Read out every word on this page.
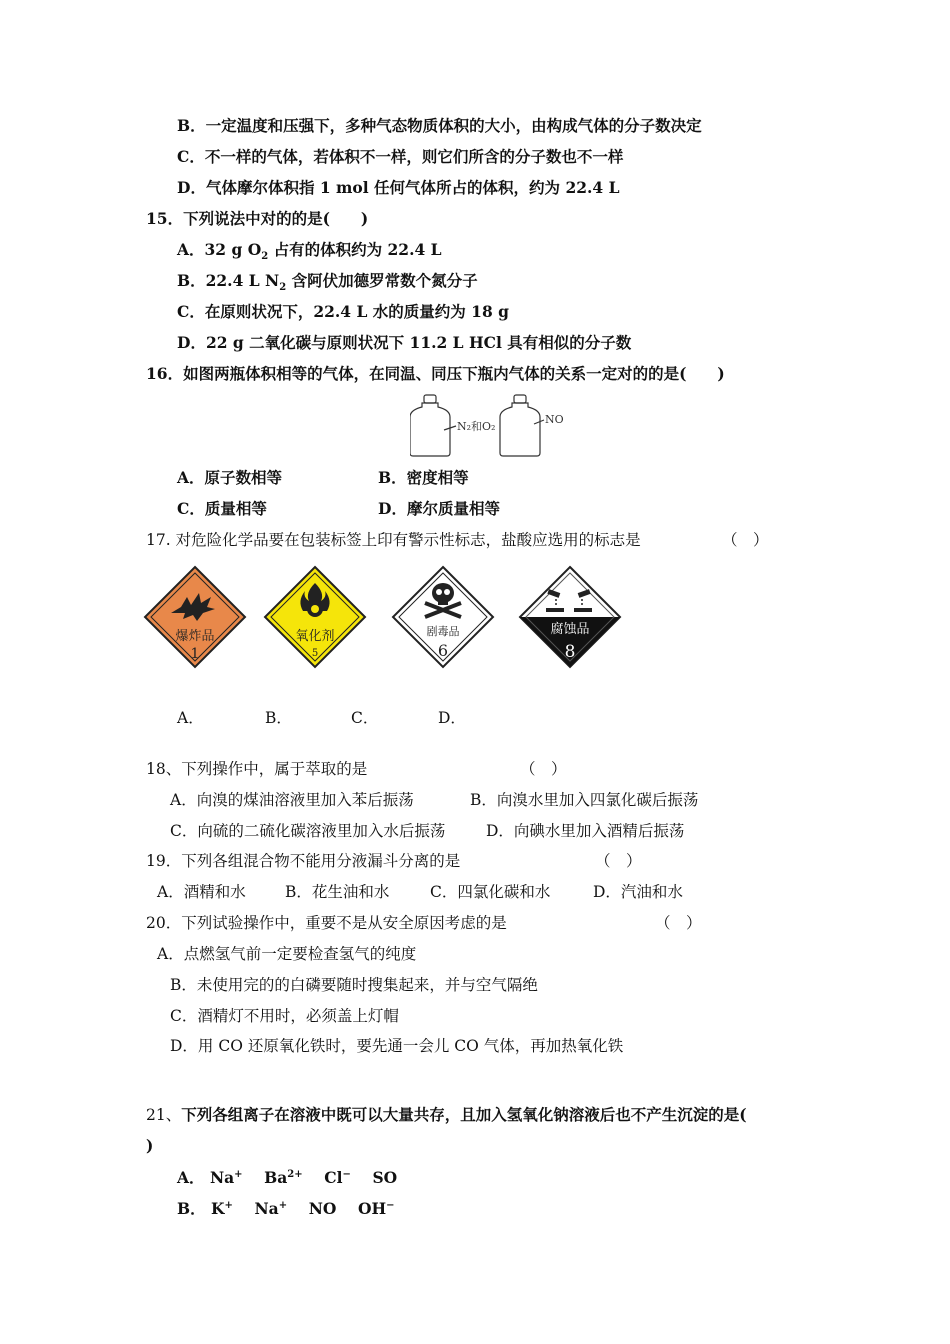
B．一定温度和压强下，多种气态物质体积的大小，由构成气体的分子数决定
C．不一样的气体，若体积不一样，则它们所含的分子数也不一样
D．气体摩尔体积指 1 mol 任何气体所占的体积，约为 22.4 L
15．下列说法中对的的是(　　)
A．32 g $O_2$ 占有的体积约为 22.4 L
B．22.4 L $N_2$ 含阿伏加德罗常数个氮分子
C．在原则状况下，22.4 L 水的质量约为 18 g
D．22 g 二氧化碳与原则状况下 11.2 L HCl 具有相似的分子数
16．如图两瓶体积相等的气体，在同温、同压下瓶内气体的关系一定对的的是(　　)
N₂和O₂
NO
A．原子数相等	B．密度相等
C．质量相等	D．摩尔质量相等
17. 对危险化学品要在包装标签上印有警示性标志，盐酸应选用的标志是	（　）
爆炸品
1
氧化剂
5
剧毒品
6
腐蚀品
8
A．	B．	C．	D．
18、下列操作中，属于萃取的是	（　）
A．向溴的煤油溶液里加入苯后振荡	B．向溴水里加入四氯化碳后振荡
C．向硫的二硫化碳溶液里加入水后振荡	D．向碘水里加入酒精后振荡
19．下列各组混合物不能用分液漏斗分离的是	（　）
A．酒精和水	B．花生油和水	C．四氯化碳和水	D．汽油和水
20．下列试验操作中，重要不是从安全原因考虑的是	（　）
A．点燃氢气前一定要检查氢气的纯度
B．未使用完的的白磷要随时搜集起来，并与空气隔绝
C．酒精灯不用时，必须盖上灯帽
D．用 CO 还原氧化铁时，要先通一会儿 CO 气体，再加热氧化铁
21、下列各组离子在溶液中既可以大量共存，且加入氢氧化钠溶液后也不产生沉淀的是(
)
A． Na+ $Ba^{2+}$ Cl− SO
B． K+ Na+ NO OH−
